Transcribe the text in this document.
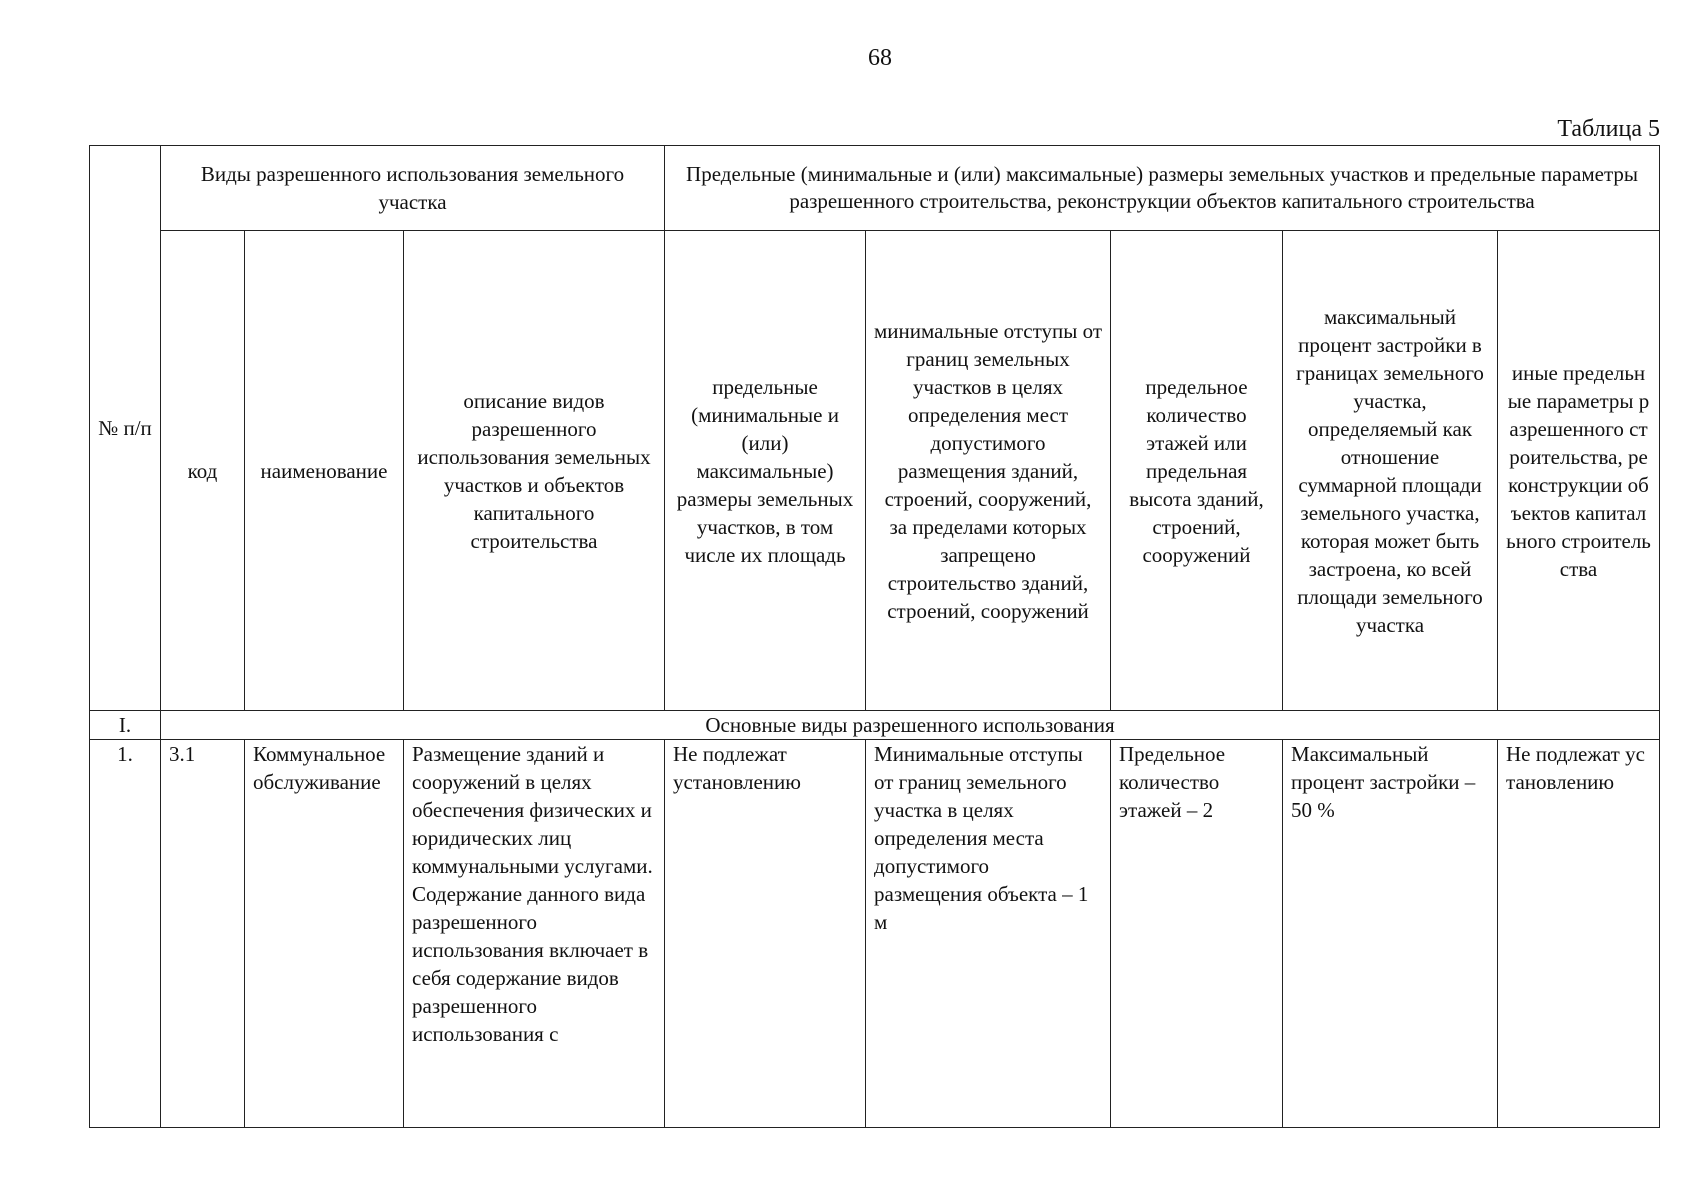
68
Таблица 5
№ п/п	Виды разрешенного использования земельного участка			Предельные (минимальные и (или) максимальные) размеры земельных участков и предельные параметры разрешенного строительства, реконструкции объектов капитального строительства				
	код	наименование	описание видов разрешенного использования земельных участков и объектов капитального строительства	предельные (минимальные и (или) максимальные) размеры земельных участков, в том числе их площадь	минимальные отступы от границ земельных участков в целях определения мест допустимого размещения зданий, строений, сооружений, за пределами которых запрещено строительство зданий, строений, сооружений	предельное количество этажей или предельная высота зданий, строений, сооружений	максимальный процент застройки в границах земельного участка, определяемый как отношение суммарной площади земельного участка, которая может быть застроена, ко всей площади земельного участка	иные предельные параметры разрешенного строительства, реконструкции объектов капитального строительства
I.	Основные виды разрешенного использования							
1.	3.1	Коммунальное обслуживание	Размещение зданий и сооружений в целях обеспечения физических и юридических лиц коммунальными услугами. Содержание данного вида разрешенного использования включает в себя содержание видов разрешенного использования с	Не подлежат установлению	Минимальные отступы от границ земельного участка в целях определения места допустимого размещения объекта – 1 м	Предельное количество этажей – 2	Максимальный процент застройки – 50 %	Не подлежат установлению
